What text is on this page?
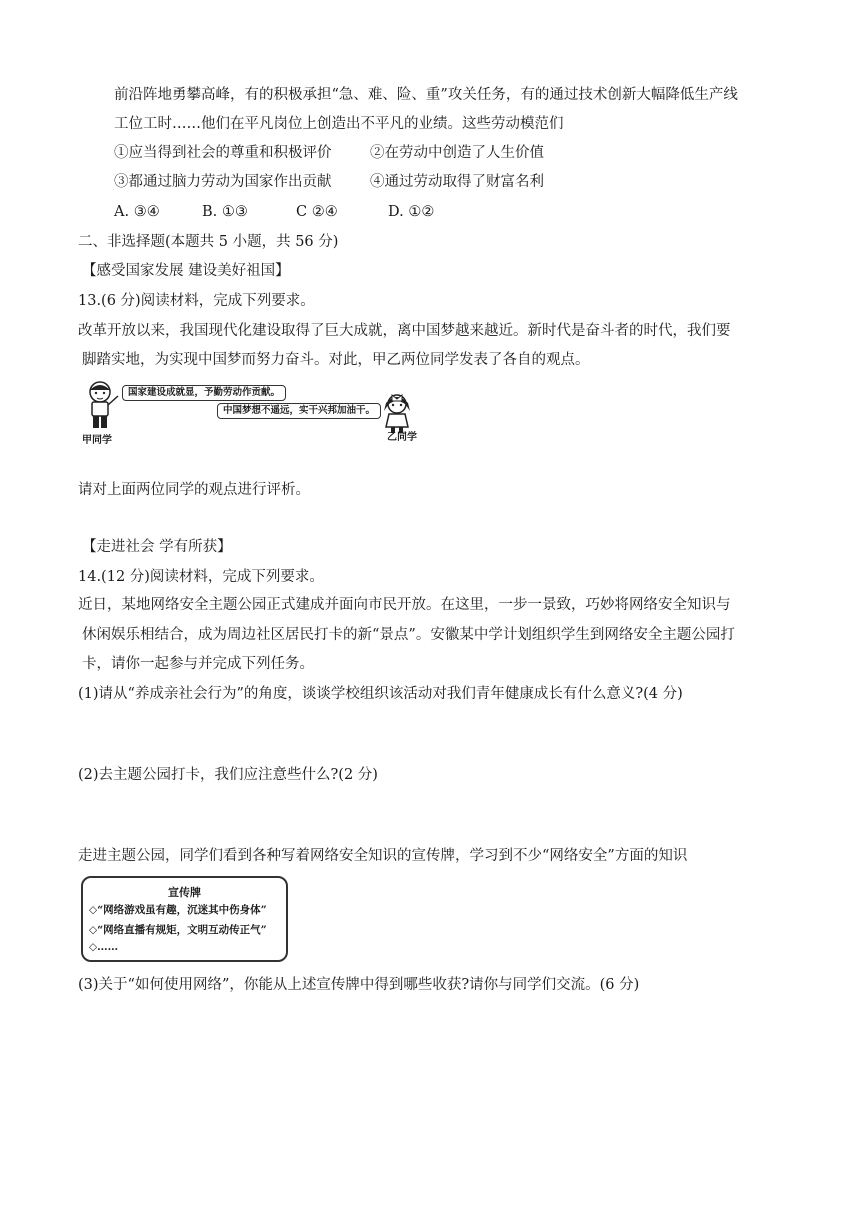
前沿阵地勇攀高峰，有的积极承担“急、难、险、重”攻关任务，有的通过技术创新大幅降低生产线
工位工时……他们在平凡岗位上创造出不平凡的业绩。这些劳动模范们
①应当得到社会的尊重和积极评价	②在劳动中创造了人生价值
③都通过脑力劳动为国家作出贡献	④通过劳动取得了财富名利
A. ③④	B. ①③	C ②④	D. ①②
二、非选择题(本题共 5 小题，共 56 分)
【感受国家发展 建设美好祖国】
13.(6 分)阅读材料，完成下列要求。
改革开放以来，我国现代化建设取得了巨大成就，离中国梦越来越近。新时代是奋斗者的时代，我们要
脚踏实地，为实现中国梦而努力奋斗。对此，甲乙两位同学发表了各自的观点。
甲同学
国家建设成就显，予勤劳动作贡献。
中国梦想不遥远，实干兴邦加油干。
乙同学
请对上面两位同学的观点进行评析。
【走进社会 学有所获】
14.(12 分)阅读材料，完成下列要求。
近日，某地网络安全主题公园正式建成并面向市民开放。在这里，一步一景致，巧妙将网络安全知识与
休闲娱乐相结合，成为周边社区居民打卡的新“景点”。安徽某中学计划组织学生到网络安全主题公园打
卡，请你一起参与并完成下列任务。
(1)请从“养成亲社会行为”的角度，谈谈学校组织该活动对我们青年健康成长有什么意义?(4 分)
(2)去主题公园打卡，我们应注意些什么?(2 分)
走进主题公园，同学们看到各种写着网络安全知识的宣传牌，学习到不少“网络安全”方面的知识
宣传牌
◇“网络游戏虽有趣，沉迷其中伤身体”
◇“网络直播有规矩，文明互动传正气”
◇……
(3)关于“如何使用网络”，你能从上述宣传牌中得到哪些收获?请你与同学们交流。(6 分)
